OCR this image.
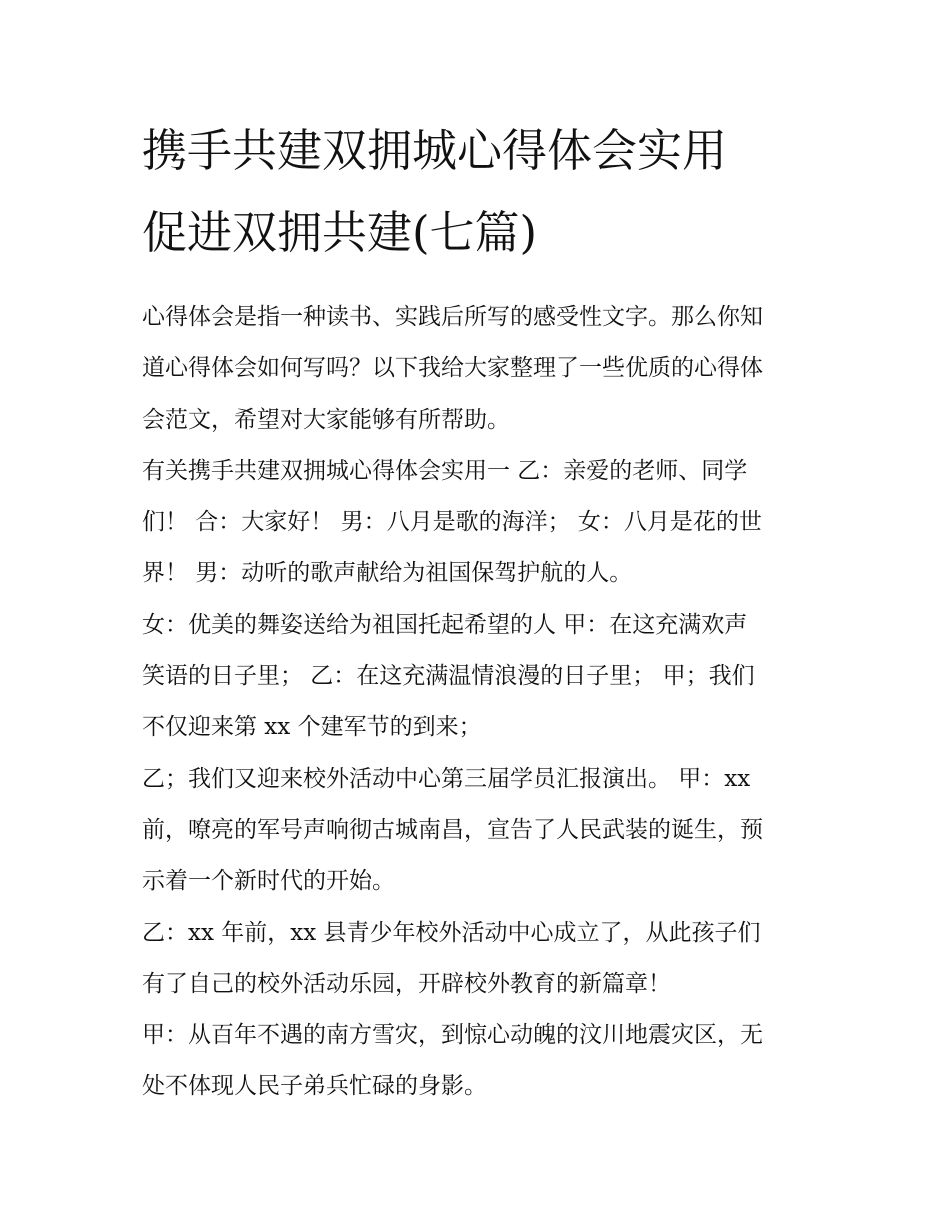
携手共建双拥城心得体会实用
促进双拥共建(七篇)

心得体会是指一种读书、实践后所写的感受性文字。那么你知
道心得体会如何写吗？以下我给大家整理了一些优质的心得体
会范文，希望对大家能够有所帮助。

有关携手共建双拥城心得体会实用一 乙：亲爱的老师、同学
们！ 合：大家好！ 男：八月是歌的海洋； 女：八月是花的世
界！ 男：动听的歌声献给为祖国保驾护航的人。

女：优美的舞姿送给为祖国托起希望的人 甲：在这充满欢声
笑语的日子里； 乙：在这充满温情浪漫的日子里； 甲；我们
不仅迎来第 xx 个建军节的到来；

乙；我们又迎来校外活动中心第三届学员汇报演出。 甲：xx
前，嘹亮的军号声响彻古城南昌，宣告了人民武装的诞生，预
示着一个新时代的开始。

乙：xx 年前，xx 县青少年校外活动中心成立了，从此孩子们
有了自己的校外活动乐园，开辟校外教育的新篇章！

甲：从百年不遇的南方雪灾，到惊心动魄的汶川地震灾区，无
处不体现人民子弟兵忙碌的身影。
